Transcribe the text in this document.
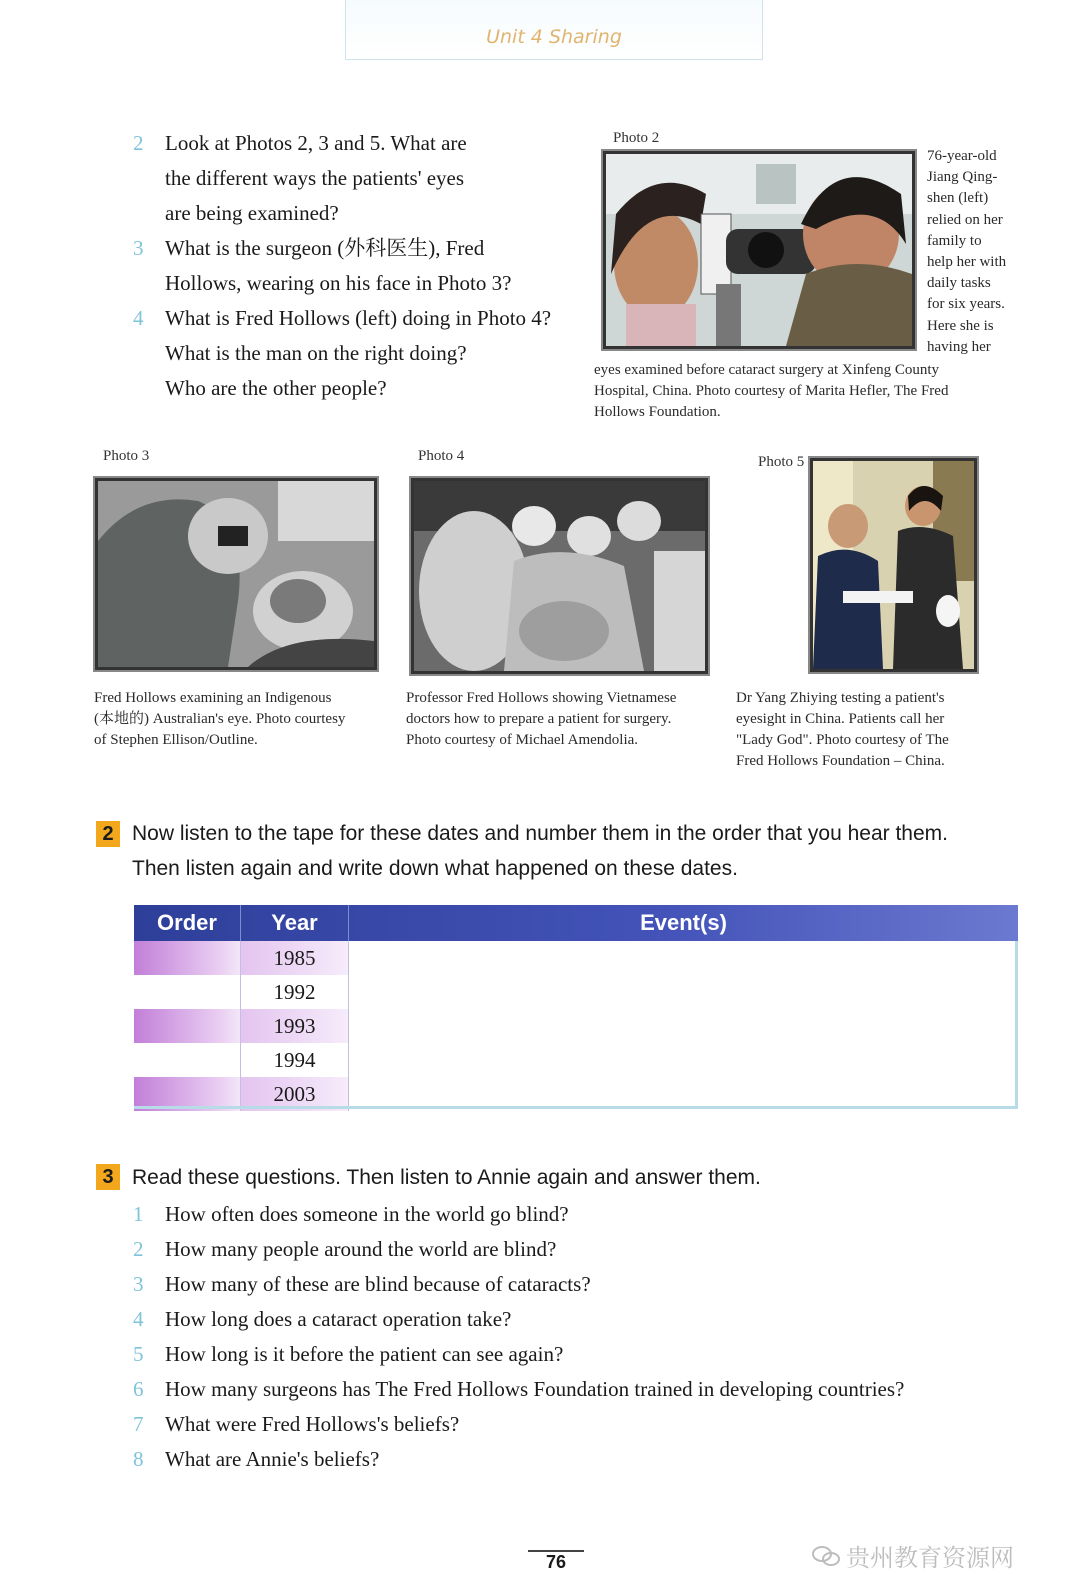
Unit 4 Sharing
2 Look at Photos 2, 3 and 5. What are
the different ways the patients' eyes
are being examined?
3 What is the surgeon (外科医生), Fred
Hollows, wearing on his face in Photo 3?
4 What is Fred Hollows (left) doing in Photo 4?
What is the man on the right doing?
Who are the other people?
Photo 2
76-year-old
Jiang Qing-
shen (left)
relied on her
family to
help her with
daily tasks
for six years.
Here she is
having her
eyes examined before cataract surgery at Xinfeng County
Hospital, China. Photo courtesy of Marita Hefler, The Fred
Hollows Foundation.
Photo 3
Fred Hollows examining an Indigenous
(本地的) Australian's eye. Photo courtesy
of Stephen Ellison/Outline.
Photo 4
Professor Fred Hollows showing Vietnamese
doctors how to prepare a patient for surgery.
Photo courtesy of Michael Amendolia.
Photo 5
Dr Yang Zhiying testing a patient's
eyesight in China. Patients call her
"Lady God". Photo courtesy of The
Fred Hollows Foundation – China.
2 Now listen to the tape for these dates and number them in the order that you hear them.
Then listen again and write down what happened on these dates.
Order	Year	Event(s)
1985
1992
1993
1994
2003
3 Read these questions. Then listen to Annie again and answer them.
1 How often does someone in the world go blind?
2 How many people around the world are blind?
3 How many of these are blind because of cataracts?
4 How long does a cataract operation take?
5 How long is it before the patient can see again?
6 How many surgeons has The Fred Hollows Foundation trained in developing countries?
7 What were Fred Hollows's beliefs?
8 What are Annie's beliefs?
76	贵州教育资源网
